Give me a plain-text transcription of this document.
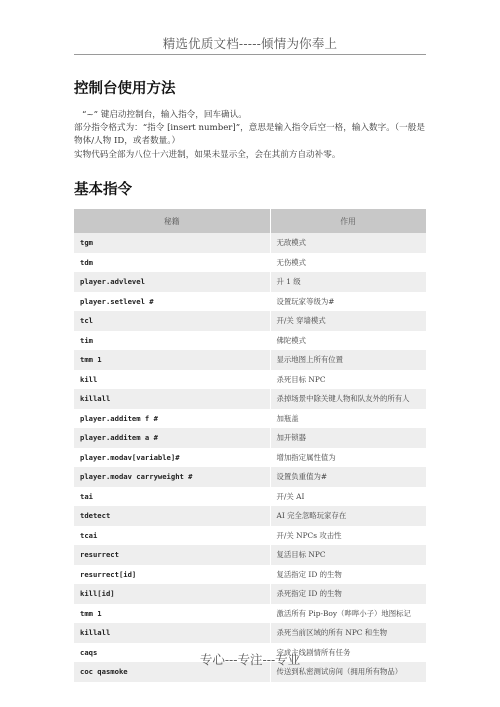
精选优质文档-----倾情为你奉上
控制台使用方法
“~” 键启动控制台，输入指令，回车确认。
部分指令格式为：“指令 [insert number]”，意思是输入指令后空一格，输入数字。（一般是物体/人物 ID，或者数量。）
实物代码全部为八位十六进制，如果未显示全，会在其前方自动补零。
基本指令
秘籍	作用
tgm	无敌模式
tdm	无伤模式
player.advlevel	升 1 级
player.setlevel #	设置玩家等级为#
tcl	开/关 穿墙模式
tim	佛陀模式
tmm 1	显示地图上所有位置
kill	杀死目标 NPC
killall	杀掉场景中除关键人物和队友外的所有人
player.additem f #	加瓶盖
player.additem a #	加开锁器
player.modav[variable]#	增加指定属性值为
player.modav carryweight #	设置负重值为#
tai	开/关 AI
tdetect	AI 完全忽略玩家存在
tcai	开/关 NPCs 攻击性
resurrect	复活目标 NPC
resurrect[id]	复活指定 ID 的生物
kill[id]	杀死指定 ID 的生物
tmm 1	激活所有 Pip-Boy（哔哔小子）地图标记
killall	杀死当前区域的所有 NPC 和生物
caqs	完成主线剧情所有任务
coc qasmoke	传送到私密测试房间（拥用所有物品）
专心---专注---专业
